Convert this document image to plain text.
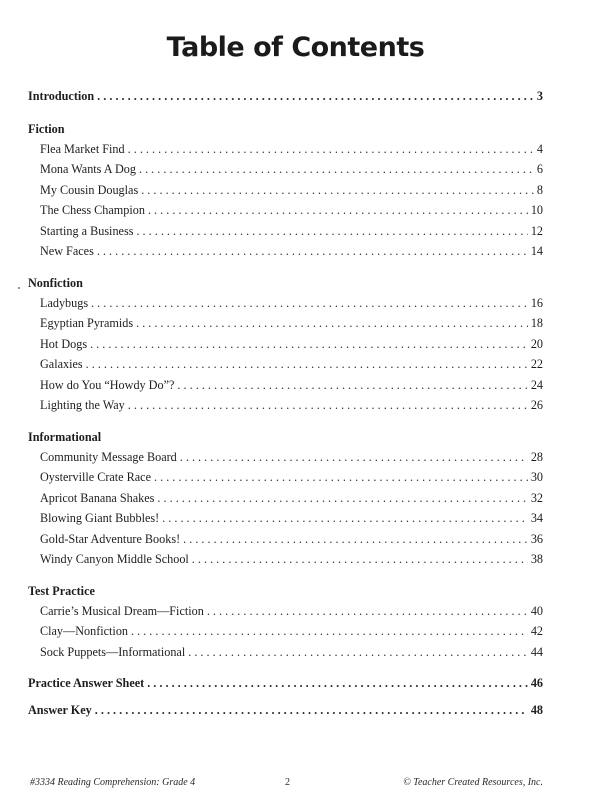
Table of Contents
Introduction . . .	3
Fiction
Flea Market Find . . .	4
Mona Wants A Dog . . .	6
My Cousin Douglas . . .	8
The Chess Champion . . .	10
Starting a Business . . .	12
New Faces . . .	14
Nonfiction
Ladybugs . . .	16
Egyptian Pyramids . . .	18
Hot Dogs . . .	20
Galaxies . . .	22
How do You “Howdy Do”? . . .	24
Lighting the Way . . .	26
Informational
Community Message Board . . .	28
Oysterville Crate Race . . .	30
Apricot Banana Shakes . . .	32
Blowing Giant Bubbles! . . .	34
Gold-Star Adventure Books! . . .	36
Windy Canyon Middle School . . .	38
Test Practice
Carrie’s Musical Dream—Fiction . . .	40
Clay—Nonfiction . . .	42
Sock Puppets—Informational . . .	44
Practice Answer Sheet . . .	46
Answer Key . . .	48
#3334 Reading Comprehension: Grade 4	2	© Teacher Created Resources, Inc.
